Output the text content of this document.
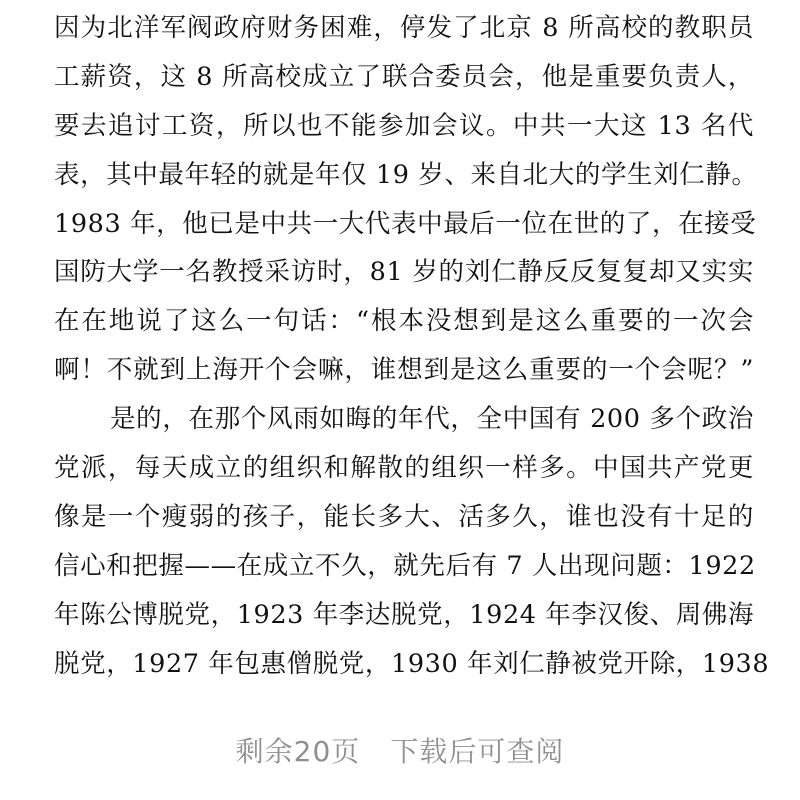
因为北洋军阀政府财务困难，停发了北京 8 所高校的教职员
工薪资，这 8 所高校成立了联合委员会，他是重要负责人，
要去追讨工资，所以也不能参加会议。中共一大这 13 名代
表，其中最年轻的就是年仅 19 岁、来自北大的学生刘仁静。
1983 年，他已是中共一大代表中最后一位在世的了，在接受
国防大学一名教授采访时，81 岁的刘仁静反反复复却又实实
在在地说了这么一句话：“根本没想到是这么重要的一次会
啊！不就到上海开个会嘛，谁想到是这么重要的一个会呢？”
是的，在那个风雨如晦的年代，全中国有 200 多个政治
党派，每天成立的组织和解散的组织一样多。中国共产党更
像是一个瘦弱的孩子，能长多大、活多久，谁也没有十足的
信心和把握——在成立不久，就先后有 7 人出现问题：1922
年陈公博脱党，1923 年李达脱党，1924 年李汉俊、周佛海
脱党，1927 年包惠僧脱党，1930 年刘仁静被党开除，1938
剩余20页 下载后可查阅
